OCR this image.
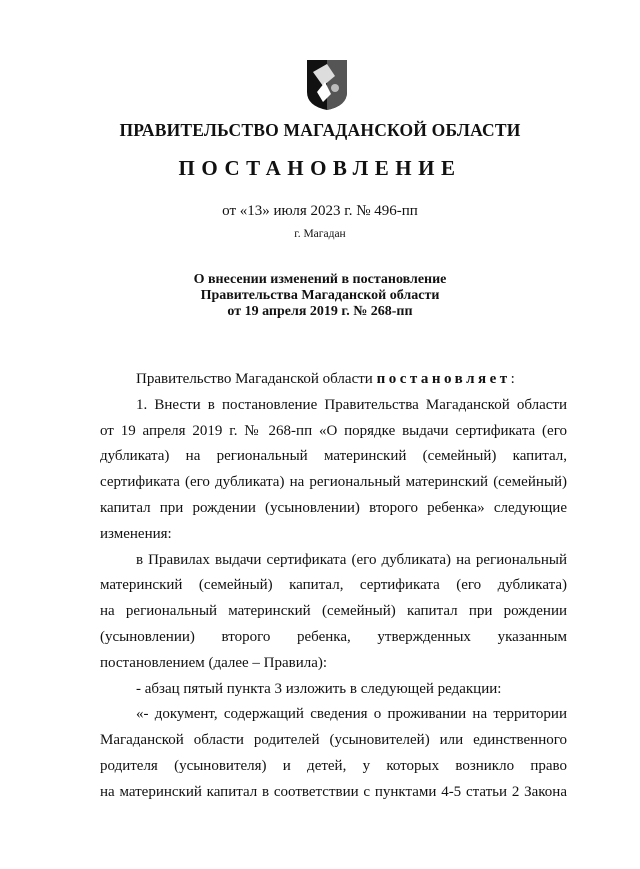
ПРАВИТЕЛЬСТВО МАГАДАНСКОЙ ОБЛАСТИ
ПОСТАНОВЛЕНИЕ
от «13» июля 2023 г. № 496-пп
г. Магадан
О внесении изменений в постановление
Правительства Магаданской области
от 19 апреля 2019 г. № 268-пп
Правительство Магаданской области постановляет:
1. Внести в постановление Правительства Магаданской области
от 19 апреля 2019 г. № 268-пп «О порядке выдачи сертификата (его
дубликата) на региональный материнский (семейный) капитал,
сертификата (его дубликата) на региональный материнский (семейный)
капитал при рождении (усыновлении) второго ребенка» следующие
изменения:
в Правилах выдачи сертификата (его дубликата) на региональный
материнский (семейный) капитал, сертификата (его дубликата)
на региональный материнский (семейный) капитал при рождении
(усыновлении) второго ребенка, утвержденных указанным
постановлением (далее – Правила):
- абзац пятый пункта 3 изложить в следующей редакции:
«- документ, содержащий сведения о проживании на территории
Магаданской области родителей (усыновителей) или единственного
родителя (усыновителя) и детей, у которых возникло право
на материнский капитал в соответствии с пунктами 4-5 статьи 2 Закона
